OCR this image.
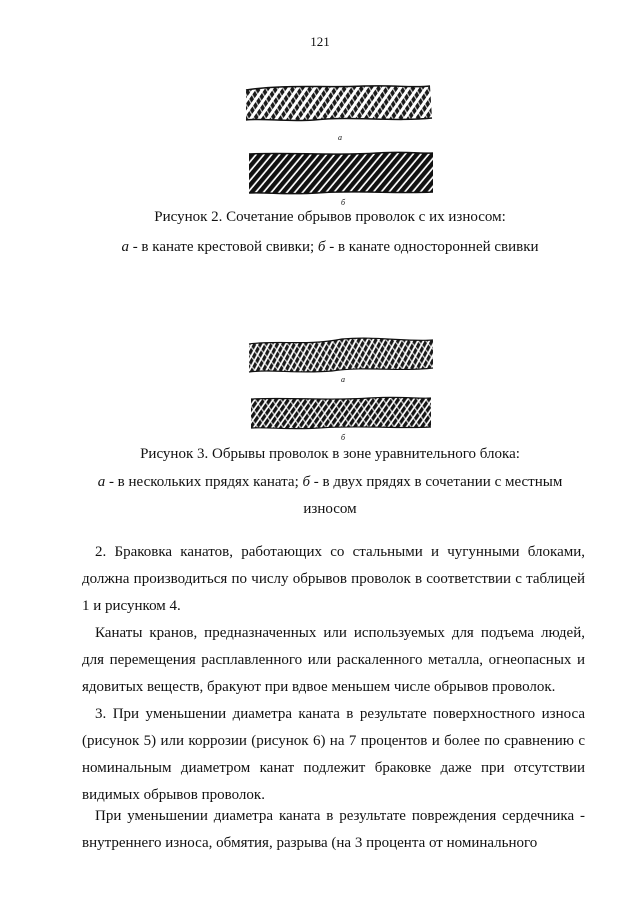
121
а
б
Рисунок 2. Сочетание обрывов проволок с их износом:
а - в канате крестовой свивки; б - в канате односторонней свивки
а
б
Рисунок 3. Обрывы проволок в зоне уравнительного блока:
а - в нескольких прядях каната; б - в двух прядях в сочетании с местным
износом
2. Браковка канатов, работающих со стальными и чугунными блоками, должна производиться по числу обрывов проволок в соответствии с таблицей 1 и рисунком 4.
Канаты кранов, предназначенных или используемых для подъема людей, для перемещения расплавленного или раскаленного металла, огнеопасных и ядовитых веществ, бракуют при вдвое меньшем числе обрывов проволок.
3. При уменьшении диаметра каната в результате поверхностного износа (рисунок 5) или коррозии (рисунок 6) на 7 процентов и более по сравнению с номинальным диаметром канат подлежит браковке даже при отсутствии видимых обрывов проволок.
При уменьшении диаметра каната в результате повреждения сердечника - внутреннего износа, обмятия, разрыва (на 3 процента от номинального
